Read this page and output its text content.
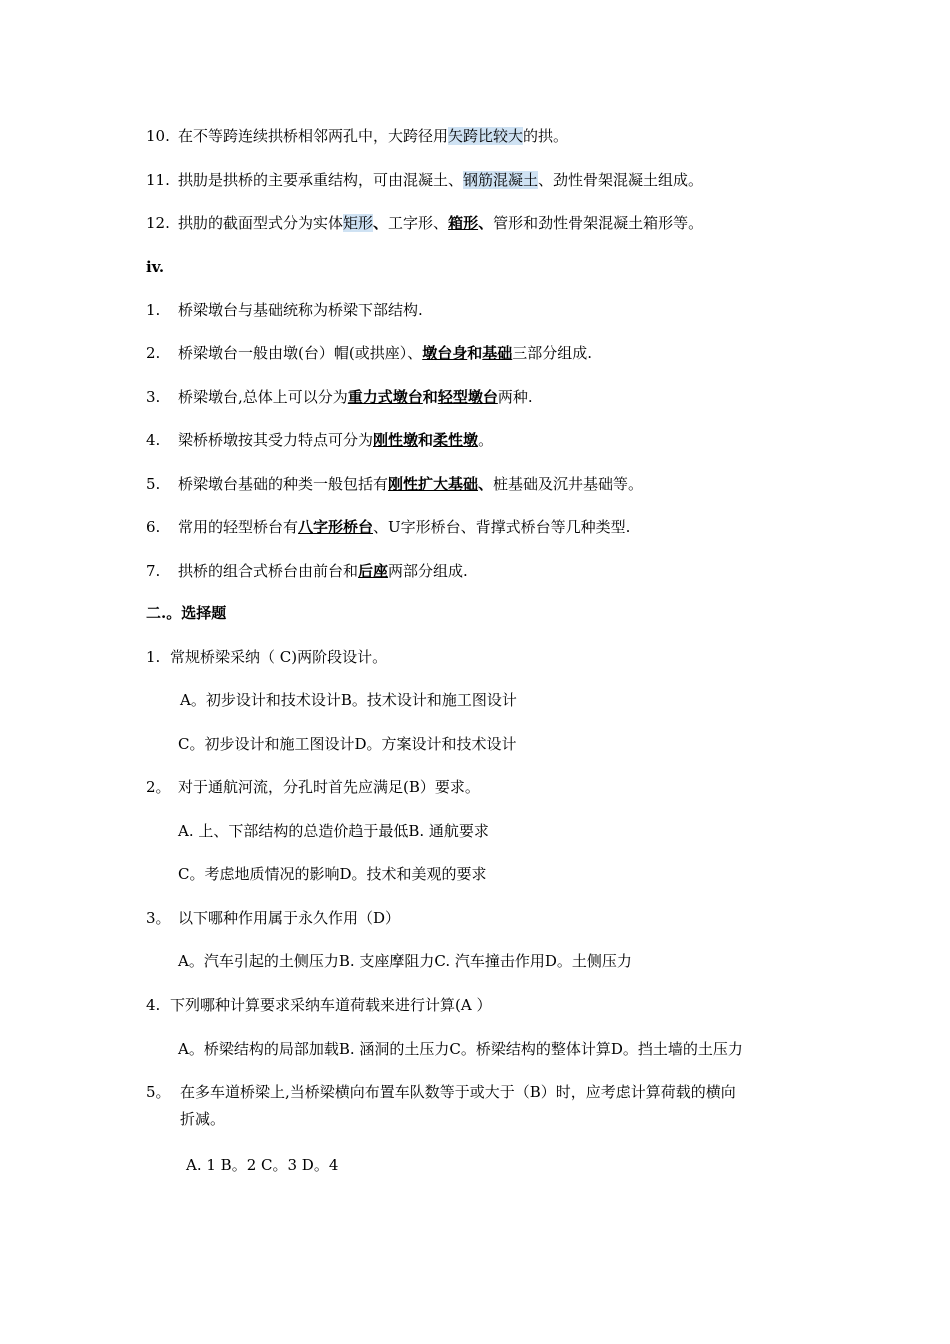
10. 在不等跨连续拱桥相邻两孔中，大跨径用矢跨比较大的拱。
11. 拱肋是拱桥的主要承重结构，可由混凝土、钢筋混凝土、劲性骨架混凝土组成。
12. 拱肋的截面型式分为实体矩形、工字形、箱形、管形和劲性骨架混凝土箱形等。
iv.
1. 桥梁墩台与基础统称为桥梁下部结构.
2. 桥梁墩台一般由墩(台）帽(或拱座）、墩台身和基础三部分组成.
3. 桥梁墩台,总体上可以分为重力式墩台和轻型墩台两种.
4. 梁桥桥墩按其受力特点可分为刚性墩和柔性墩。
5. 桥梁墩台基础的种类一般包括有刚性扩大基础、桩基础及沉井基础等。
6. 常用的轻型桥台有八字形桥台、U字形桥台、背撑式桥台等几种类型.
7. 拱桥的组合式桥台由前台和后座两部分组成.
二.。选择题
1. 常规桥梁采纳（ C)两阶段设计。
A。初步设计和技术设计B。技术设计和施工图设计
C。初步设计和施工图设计D。方案设计和技术设计
2。 对于通航河流，分孔时首先应满足(B）要求。
A. 上、下部结构的总造价趋于最低B. 通航要求
C。考虑地质情况的影响D。技术和美观的要求
3。 以下哪种作用属于永久作用（D）
A。汽车引起的土侧压力B. 支座摩阻力C. 汽车撞击作用D。土侧压力
4. 下列哪种计算要求采纳车道荷载来进行计算(A ）
A。桥梁结构的局部加载B. 涵洞的土压力C。桥梁结构的整体计算D。挡土墙的土压力
5。 在多车道桥梁上,当桥梁横向布置车队数等于或大于（B）时，应考虑计算荷载的横向
折减。
A. 1 B。2 C。3 D。4
